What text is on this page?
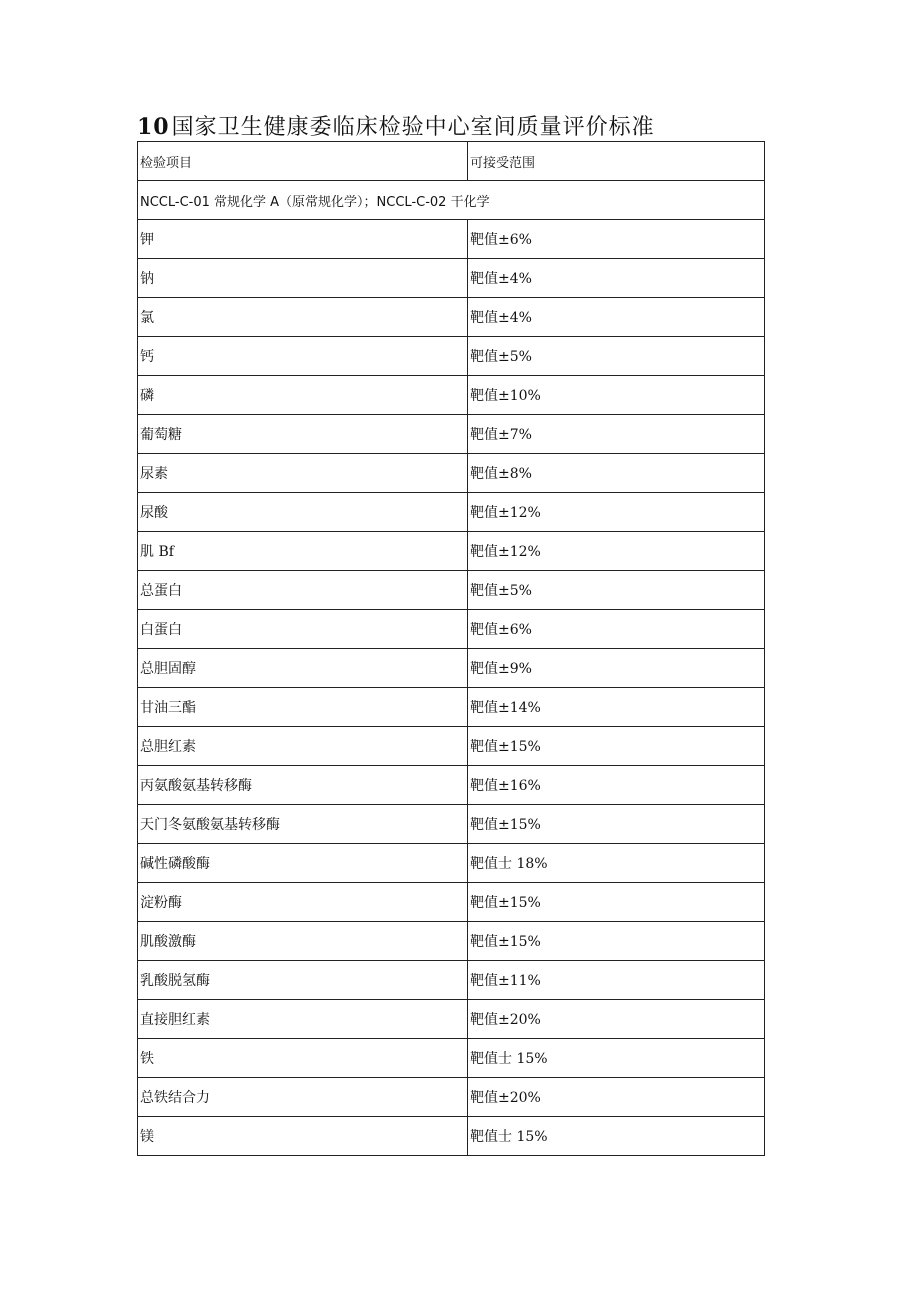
10国家卫生健康委临床检验中心室间质量评价标准
检验项目	可接受范围
NCCL-C-01 常规化学 A（原常规化学）；NCCL-C-02 干化学	
钾	靶值±6%
钠	靶值±4%
氯	靶值±4%
钙	靶值±5%
磷	靶值±10%
葡萄糖	靶值±7%
尿素	靶值±8%
尿酸	靶值±12%
肌 Bf	靶值±12%
总蛋白	靶值±5%
白蛋白	靶值±6%
总胆固醇	靶值±9%
甘油三酯	靶值±14%
总胆红素	靶值±15%
丙氨酸氨基转移酶	靶值±16%
天门冬氨酸氨基转移酶	靶值±15%
碱性磷酸酶	靶值士 18%
淀粉酶	靶值±15%
肌酸激酶	靶值±15%
乳酸脱氢酶	靶值±11%
直接胆红素	靶值±20%
铁	靶值士 15%
总铁结合力	靶值±20%
镁	靶值士 15%
